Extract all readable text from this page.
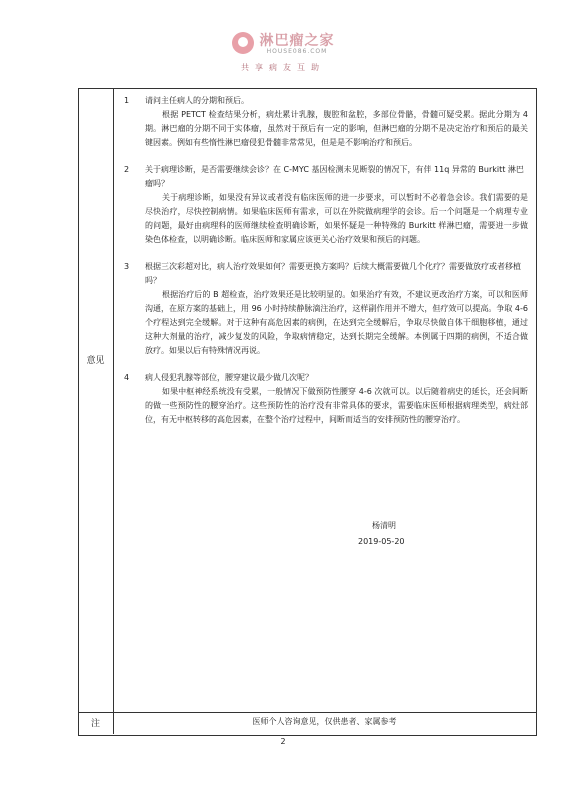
淋巴瘤之家
HOUSE086.COM
共享病友互助
意见
注
1	请问主任病人的分期和预后。
根据 PETCT 检查结果分析，病灶累计乳腺，腹腔和盆腔，多部位骨骼，骨髓可疑受累。据此分期为 4 期。淋巴瘤的分期不同于实体瘤，虽然对于预后有一定的影响，但淋巴瘤的分期不是决定治疗和预后的最关键因素。例如有些惰性淋巴瘤侵犯骨髓非常常见，但是是不影响治疗和预后。
2	关于病理诊断，是否需要继续会诊？在 C-MYC 基因检测未见断裂的情况下，有伴 11q 异常的 Burkitt 淋巴瘤吗？
关于病理诊断，如果没有异议或者没有临床医师的进一步要求，可以暂时不必着急会诊。我们需要的是尽快治疗，尽快控制病情。如果临床医师有需求，可以在外院做病理学的会诊。后一个问题是一个病理专业的问题，最好由病理科的医师继续检查明确诊断，如果怀疑是一种特殊的 Burkitt 样淋巴瘤，需要进一步做染色体检查，以明确诊断。临床医师和家属应该更关心治疗效果和预后的问题。
3	根据三次彩超对比，病人治疗效果如何？需要更换方案吗？后续大概需要做几个化疗？需要做放疗或者移植吗？
根据治疗后的 B 超检查，治疗效果还是比较明显的。如果治疗有效，不建议更改治疗方案，可以和医师沟通，在原方案的基础上，用 96 小时持续静脉滴注治疗，这样副作用并不增大，但疗效可以提高。争取 4-6 个疗程达到完全缓解。对于这种有高危因素的病例，在达到完全缓解后，争取尽快做自体干细胞移植，通过这种大剂量的治疗，减少复发的风险，争取病情稳定，达到长期完全缓解。本例属于四期的病例，不适合做放疗。如果以后有特殊情况再说。
4	病人侵犯乳腺等部位，腰穿建议最少做几次呢？
如果中枢神经系统没有受累，一般情况下做预防性腰穿 4-6 次就可以。以后随着病史的延长，还会间断的做一些预防性的腰穿治疗。这些预防性的治疗没有非常具体的要求，需要临床医师根据病理类型，病灶部位，有无中枢转移的高危因素，在整个治疗过程中，间断而适当的安排预防性的腰穿治疗。
杨清明
2019-05-20
医师个人咨询意见，仅供患者、家属参考
2
